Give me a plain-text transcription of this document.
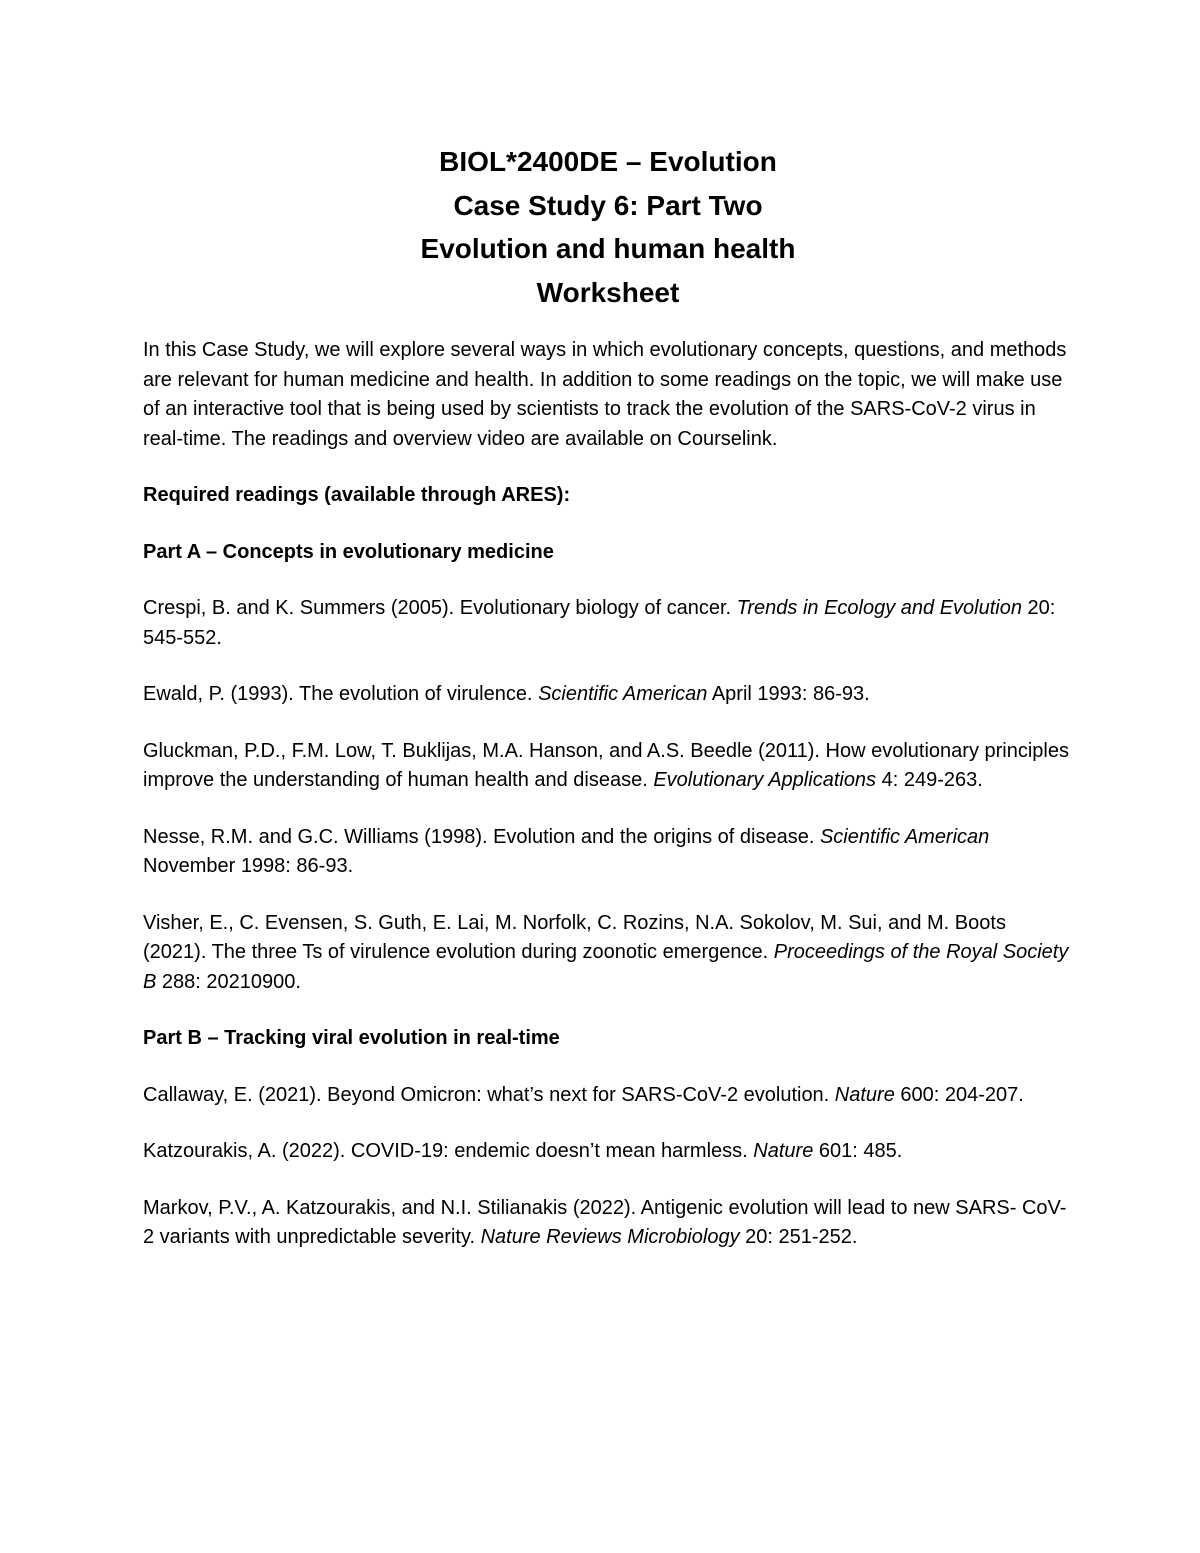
BIOL*2400DE – Evolution
Case Study 6: Part Two
Evolution and human health
Worksheet

In this Case Study, we will explore several ways in which evolutionary concepts, questions, and methods are relevant for human medicine and health. In addition to some readings on the topic, we will make use of an interactive tool that is being used by scientists to track the evolution of the SARS-CoV-2 virus in real-time. The readings and overview video are available on Courselink.

Required readings (available through ARES):

Part A – Concepts in evolutionary medicine

Crespi, B. and K. Summers (2005). Evolutionary biology of cancer. Trends in Ecology and Evolution 20: 545-552.

Ewald, P. (1993). The evolution of virulence. Scientific American April 1993: 86-93.

Gluckman, P.D., F.M. Low, T. Buklijas, M.A. Hanson, and A.S. Beedle (2011). How evolutionary principles improve the understanding of human health and disease. Evolutionary Applications 4: 249-263.

Nesse, R.M. and G.C. Williams (1998). Evolution and the origins of disease. Scientific American November 1998: 86-93.

Visher, E., C. Evensen, S. Guth, E. Lai, M. Norfolk, C. Rozins, N.A. Sokolov, M. Sui, and M. Boots (2021). The three Ts of virulence evolution during zoonotic emergence. Proceedings of the Royal Society B 288: 20210900.

Part B – Tracking viral evolution in real-time

Callaway, E. (2021). Beyond Omicron: what’s next for SARS-CoV-2 evolution. Nature 600: 204-207.

Katzourakis, A. (2022). COVID-19: endemic doesn’t mean harmless. Nature 601: 485.

Markov, P.V., A. Katzourakis, and N.I. Stilianakis (2022). Antigenic evolution will lead to new SARS- CoV-2 variants with unpredictable severity. Nature Reviews Microbiology 20: 251-252.
